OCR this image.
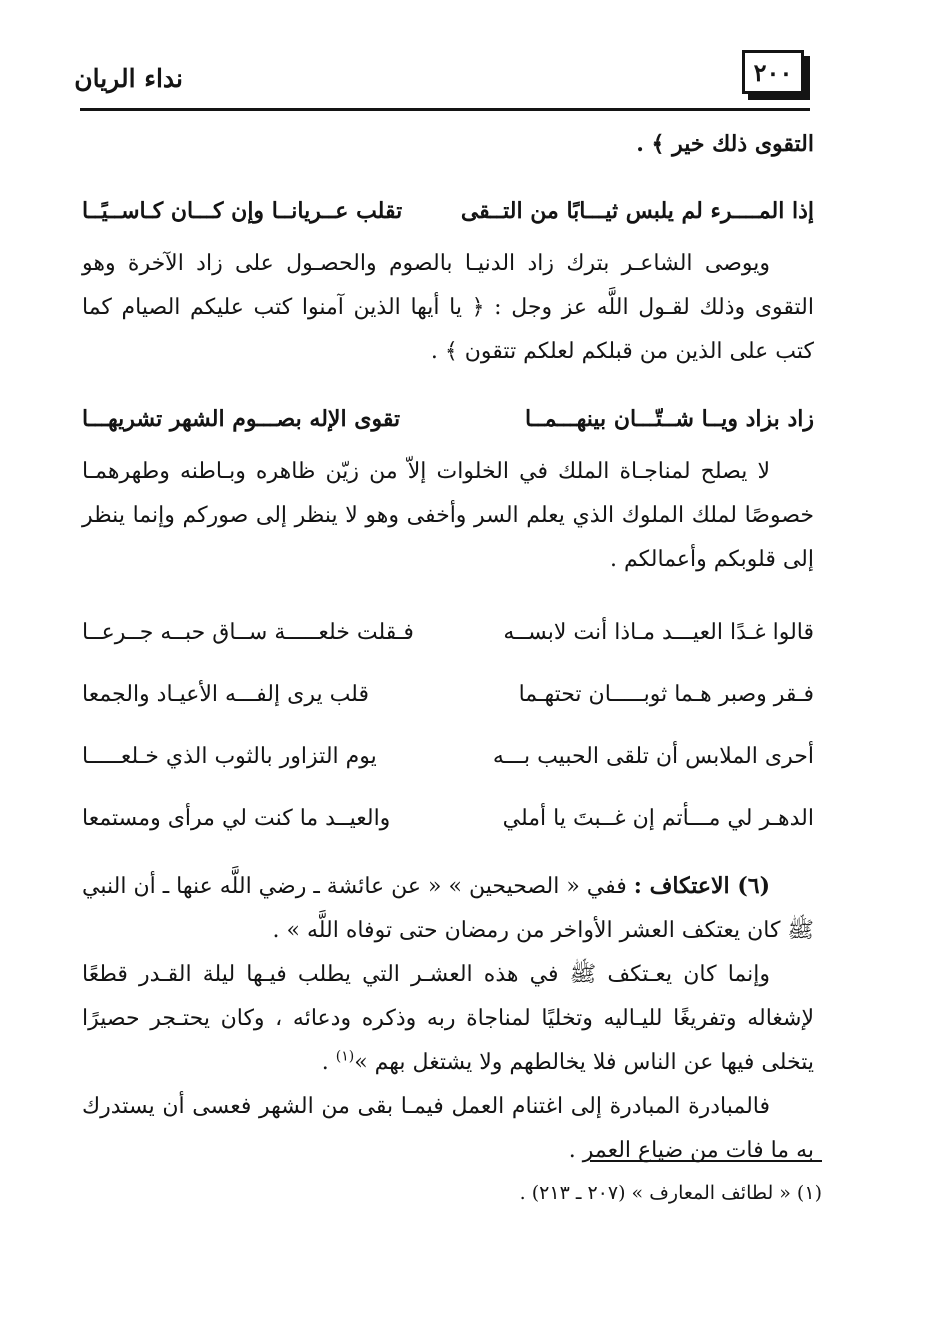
٢٠٠
نداء الريان

التقوى ذلك خير ﴾ .

إذا المــــرء لم يلبس ثيـــابًا من التــقى
تقلب عــريانــا وإن كـــان كـاســيًــا

ويوصى الشاعـر بترك زاد الدنيـا بالصوم والحصـول على زاد الآخرة وهو التقوى وذلك لقـول اللَّه عز وجل : ﴿ يا أيها الذين آمنوا كتب عليكم الصيام كما كتب على الذين من قبلكم لعلكم تتقون ﴾ .

زاد بزاد ويــا شــتّـــان بينهـــمــا
تقوى الإله بصـــوم الشهر تشريهـــا

لا يصلح لمناجـاة الملك في الخلوات إلاّ من زيّن ظاهره وبـاطنه وطهرهمـا خصوصًا لملك الملوك الذي يعلم السر وأخفى وهو لا ينظر إلى صوركم وإنما ينظر إلى قلوبكم وأعمالكم .

قالوا غـدًا العيـــد مـاذا أنت لابســه
فـقلت خلعـــــة ســاق حبــه جــرعــا
فـقر وصبر هـما ثوبـــــان تحتهـما
قلب يرى إلفـــه الأعيـاد والجمعا
أحرى الملابس أن تلقى الحبيب بـــه
يوم التزاور بالثوب الذي خـلعـــــا
الدهـر لي مـــأتم إن غــبتَ يا أملي
والعيــد ما كنت لي مرأى ومستمعا

(٦) الاعتكاف : ففي « الصحيحين » « عن عائشة ـ رضي اللَّه عنها ـ أن النبي ﷺ كان يعتكف العشر الأواخر من رمضان حتى توفاه اللَّه » .

وإنما كان يعـتكف ﷺ في هذه العشـر التي يطلب فيـها ليلة القـدر قطعًا لإشغاله وتفريغًا لليـاليه وتخليًا لمناجاة ربه وذكره ودعائه ، وكان يحتـجر حصيرًا يتخلى فيها عن الناس فلا يخالطهم ولا يشتغل بهم »$^{(١)}$ .

فالمبادرة المبادرة إلى اغتنام العمل فيمـا بقى من الشهر فعسى أن يستدرك به ما فات من ضياع العمر .

(١) « لطائف المعارف » (٢٠٧ ـ ٢١٣) .
